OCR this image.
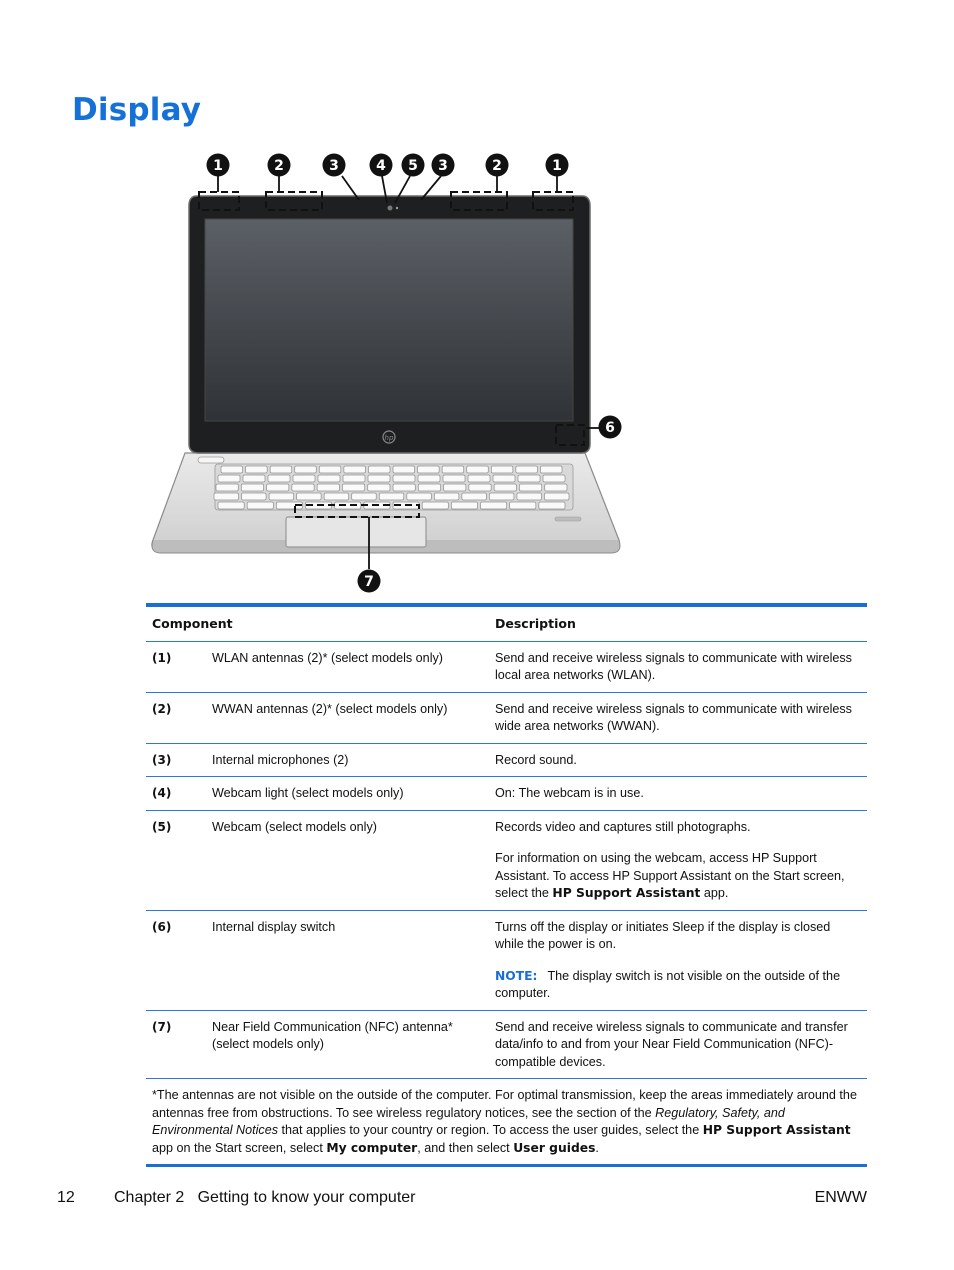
Display
hp
1	2	3	4 5 3	2	1
6
7
Component		Description
(1)	WLAN antennas (2)* (select models only)	Send and receive wireless signals to communicate with wireless local area networks (WLAN).

(2)	WWAN antennas (2)* (select models only)	Send and receive wireless signals to communicate with wireless wide area networks (WWAN).

(3)	Internal microphones (2)	Record sound.

(4)	Webcam light (select models only)	On: The webcam is in use.

(5)	Webcam (select models only)	Records video and captures still photographs.

For information on using the webcam, access HP Support Assistant. To access HP Support Assistant on the Start screen, select the HP Support Assistant app.

(6)	Internal display switch	Turns off the display or initiates Sleep if the display is closed while the power is on.

NOTE: The display switch is not visible on the outside of the computer.

(7)	Near Field Communication (NFC) antenna* (select models only)	Send and receive wireless signals to communicate and transfer data/info to and from your Near Field Communication (NFC)-compatible devices.

*The antennas are not visible on the outside of the computer. For optimal transmission, keep the areas immediately around the antennas free from obstructions. To see wireless regulatory notices, see the section of the Regulatory, Safety, and Environmental Notices that applies to your country or region. To access the user guides, select the HP Support Assistant app on the Start screen, select My computer, and then select User guides.		
12 Chapter 2   Getting to know your computer	ENWW
